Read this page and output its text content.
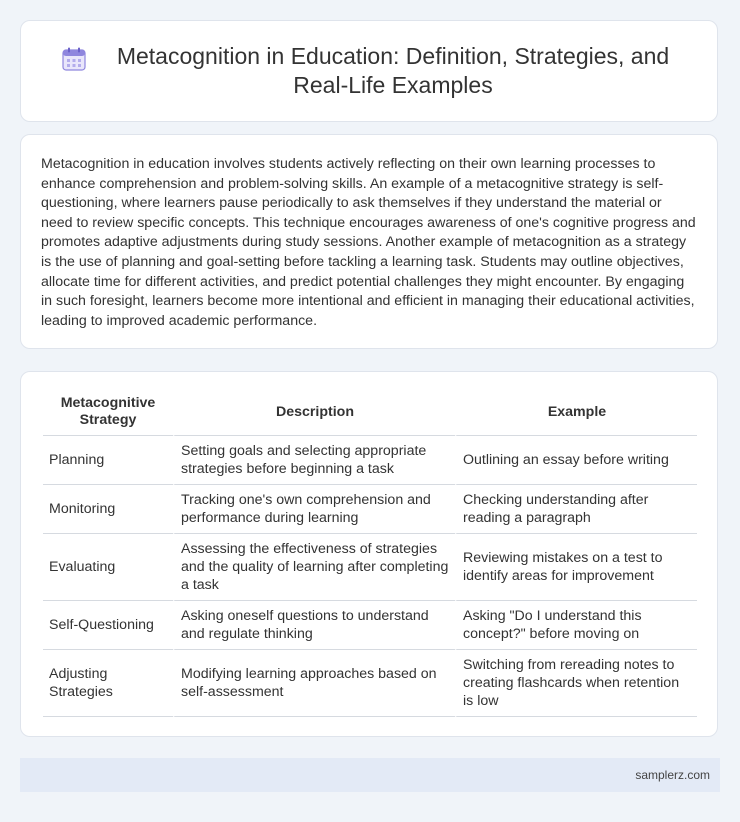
Metacognition in Education: Definition, Strategies, and Real-Life Examples

Metacognition in education involves students actively reflecting on their own learning processes to enhance comprehension and problem-solving skills. An example of a metacognitive strategy is self-questioning, where learners pause periodically to ask themselves if they understand the material or need to review specific concepts. This technique encourages awareness of one's cognitive progress and promotes adaptive adjustments during study sessions. Another example of metacognition as a strategy is the use of planning and goal-setting before tackling a learning task. Students may outline objectives, allocate time for different activities, and predict potential challenges they might encounter. By engaging in such foresight, learners become more intentional and efficient in managing their educational activities, leading to improved academic performance.

Metacognitive Strategy	Description	Example
Planning	Setting goals and selecting appropriate strategies before beginning a task	Outlining an essay before writing
Monitoring	Tracking one's own comprehension and performance during learning	Checking understanding after reading a paragraph
Evaluating	Assessing the effectiveness of strategies and the quality of learning after completing a task	Reviewing mistakes on a test to identify areas for improvement
Self-Questioning	Asking oneself questions to understand and regulate thinking	Asking "Do I understand this concept?" before moving on
Adjusting Strategies	Modifying learning approaches based on self-assessment	Switching from rereading notes to creating flashcards when retention is low
samplerz.com
